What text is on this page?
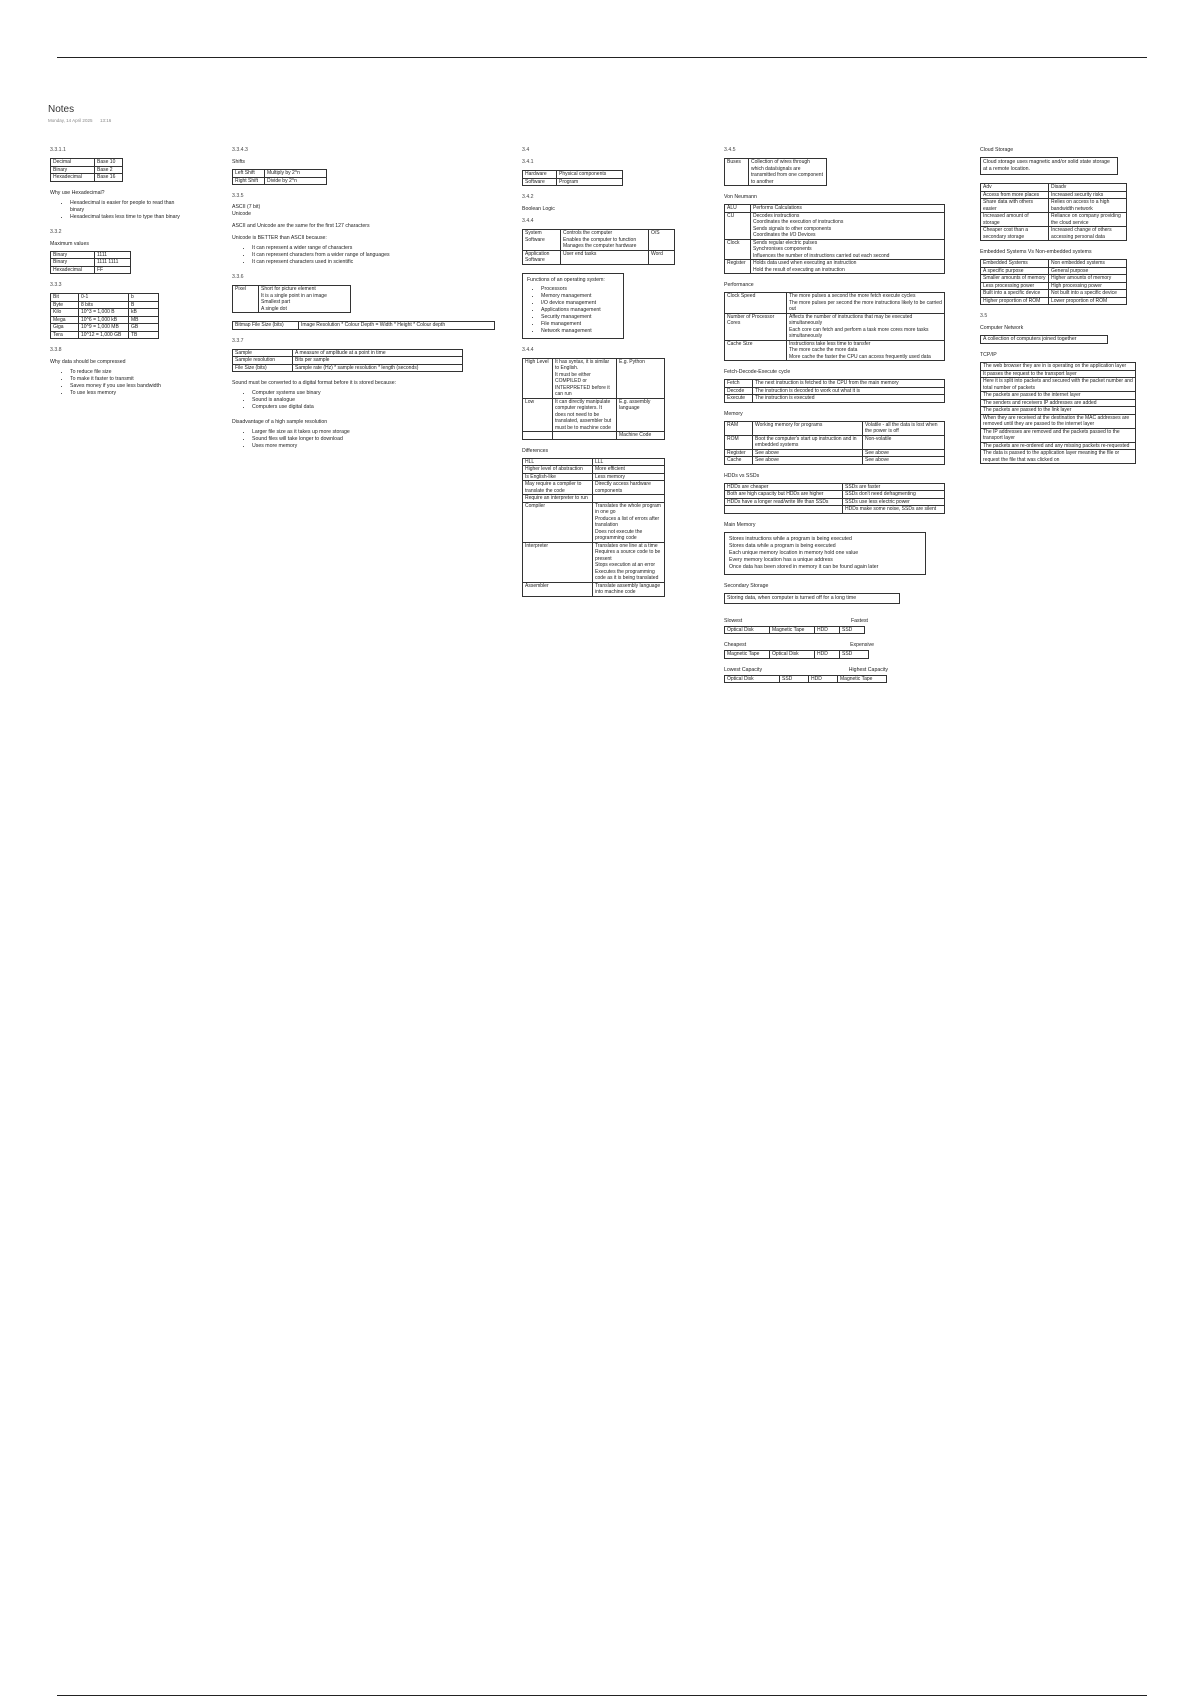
Notes
Monday, 14 April 2025 13:16
3.3.1.1
Decimal	Base 10
Binary	Base 2
Hexadecimal	Base 16
Why use Hexadecimal?
• Hexadecimal is easier for people to read than binary
• Hexadecimal takes less time to type than binary
3.3.2
Maximum values
Binary	1111
Binary	1111 1111
Hexadecimal	FF
3.3.3
Bit	0-1	b
Byte	8 bits	B
Kilo	10^3 = 1,000 B	kB
Mega	10^6 = 1,000 kB	MB
Giga	10^9 = 1,000 MB	GB
Tera	10^12 = 1,000 GB	TB
3.3.8
Why data should be compressed
• To reduce file size
• To make it faster to transmit
• Saves money if you use less bandwidth
• To use less memory
3.3.4.3
Shifts
Left Shift	Multiply by 2^n
Right Shift	Divide by 2^n
3.3.5
ASCII (7 bit)
Unicode
ASCII and Unicode are the same for the first 127 characters
Unicode is BETTER than ASCII because:
• It can represent a wider range of characters
• It can represent characters from a wider range of languages
• It can represent characters used in scientific
3.3.6
Pixel	Short for picture element
It is a single point in an image
Smallest part
A single dot
Bitmap File Size (bits)	Image Resolution * Colour Depth = Width * Height * Colour depth
3.3.7
Sample	A measure of amplitude at a point in time
Sample resolution	Bits per sample
File Size (bits)	Sample rate (Hz) * sample resolution * length (seconds)
Sound must be converted to a digital format before it is stored because:
• Computer systems use binary
• Sound is analogue
• Computers use digital data
Disadvantage of a high sample resolution
• Larger file size as it takes up more storage
• Sound files will take longer to download
• Uses more memory
3.4
3.4.1
Hardware	Physical components
Software	Program
3.4.2
Boolean Logic
3.4.4
System Software	Controls the computer
Enables the computer to function
Manages the computer hardware	O/S
Application Software	User end tasks	Word
Functions of an operating system:
• Processors
• Memory management
• I/O device management
• Applications management
• Security management
• File management
• Network management
3.4.4
High Level	It has syntax, it is similar to English.
It must be either COMPILED or INTERPRETED before it can run	E.g. Python
Low	It can directly manipulate computer registers. It does not need to be translated, assembler but must be to machine code	E.g. assembly language
		Machine Code
Differences
HLL	LLL
Higher level of abstraction	More efficient
Is English-like	Less memory
May require a compiler to translate the code	Directly access hardware components
Require an interpreter to run	
Compiler	Translates the whole program in one go
Produces a list of errors after translation
Does not execute the programming code
Interpreter	Translates one line at a time
Requires a source code to be present
Stops execution at an error
Executes the programming code as it is being translated
Assembler	Translate assembly language into machine code
3.4.5
Buses	Collection of wires through which data/signals are transmitted from one component to another
Von Neumann
ALU	Performs Calculations
CU	Decodes instructions
Coordinates the execution of instructions
Sends signals to other components
Coordinates the I/O Devices
Clock	Sends regular electric pulses
Synchronises components
Influences the number of instructions carried out each second
Register	Holds data used when executing an instruction
Hold the result of executing an instruction
Performance
Clock Speed	The more pulses a second the more fetch execute cycles
The more pulses per second the more instructions likely to be carried out
Number of Processor Cores	Affects the number of instructions that may be executed simultaneously
Each core can fetch and perform a task more cores more tasks simultaneously
Cache Size	Instructions take less time to transfer
The more cache the more data
More cache the faster the CPU can access frequently used data
Fetch-Decode-Execute cycle
Fetch	The next instruction is fetched to the CPU from the main memory
Decode	The instruction is decoded to work out what it is
Execute	The instruction is executed
Memory
RAM	Working memory for programs	Volatile - all the data is lost when the power is off
ROM	Boot the computer's start up instruction and in embedded systems	Non-volatile
Register	See above	See above
Cache	See above	See above
HDDs vs SSDs
HDDs are cheaper	SSDs are faster
Both are high capacity but HDDs are higher	SSDs don't need defragmenting
HDDs have a longer read/write life than SSDs	SSDs use less electric power
	HDDs make some noise, SSDs are silent
Main Memory
Stores instructions while a program is being executed
Stores data while a program is being executed
Each unique memory location in memory hold one value
Every memory location has a unique address
Once data has been stored in memory it can be found again later
Secondary Storage
Storing data, when computer is turned off for a long time
Slowest	Fastest
Optical Disk	Magnetic Tape	HDD	SSD
Cheapest	Expensive
Magnetic Tape	Optical Disk	HDD	SSD
Lowest Capacity	Highest Capacity
Optical Disk	SSD	HDD	Magnetic Tape
Cloud Storage
Cloud storage uses magnetic and/or solid state storage at a remote location.
Adv	Disadv
Access from more places	Increased security risks
Share data with others easier	Relies on access to a high bandwidth network
Increased amount of storage	Reliance on company providing the cloud service
Cheaper cost than a secondary storage	Increased change of others accessing personal data
Embedded Systems Vs Non-embedded systems
Embedded Systems	Non embedded systems
A specific purpose	General purpose
Smaller amounts of memory	Higher amounts of memory
Less processing power	High processing power
Built into a specific device	Not built into a specific device
Higher proportion of ROM	Lower proportion of ROM
3.5
Computer Network
A collection of computers joined together
TCP/IP
The web browser they are in is operating on the application layer
It passes the request to the transport layer
Here it is split into packets and secured with the packet number and total number of packets
The packets are passed to the internet layer
The senders and receivers IP addresses are added
The packets are passed to the link layer
When they are received at the destination the MAC addresses are removed until they are passed to the internet layer
The IP addresses are removed and the packets passed to the transport layer
The packets are re-ordered and any missing packets re-requested
The data is passed to the application layer meaning the file or request the file that was clicked on
